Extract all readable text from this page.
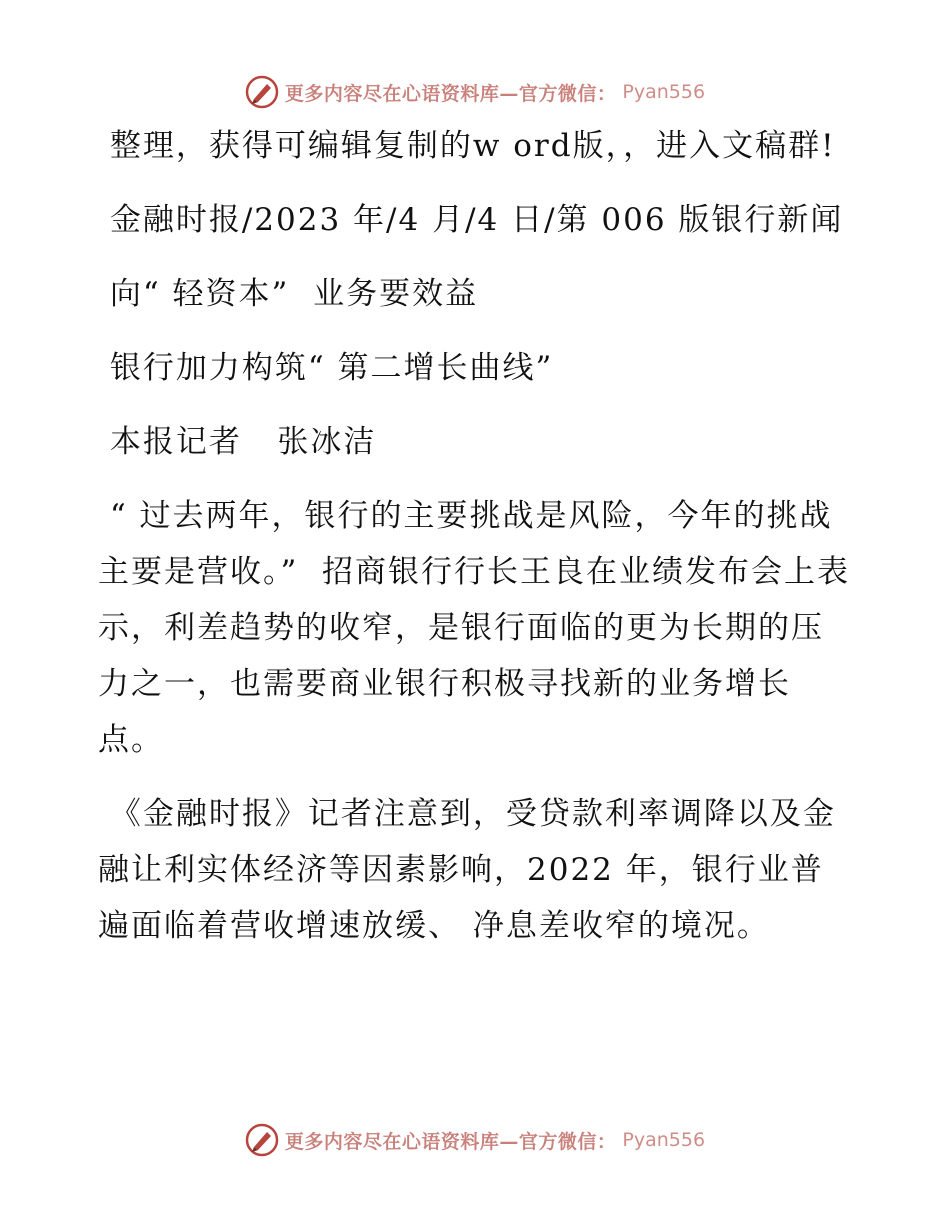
更多内容尽在心语资料库—官方微信： Pyan556

整理，获得可编辑复制的w ord版，，进入文稿群!

金融时报/2023 年/4 月/4 日/第 006 版银行新闻

向“ 轻资本”  业务要效益

银行加力构筑“ 第二增长曲线”

本报记者   张冰洁

“ 过去两年，银行的主要挑战是风险，今年的挑战主要是营收。”  招商银行行长王良在业绩发布会上表示，利差趋势的收窄，是银行面临的更为长期的压力之一，也需要商业银行积极寻找新的业务增长点。

《金融时报》记者注意到，受贷款利率调降以及金融让利实体经济等因素影响，2022 年，银行业普遍面临着营收增速放缓、 净息差收窄的境况。

更多内容尽在心语资料库—官方微信： Pyan556
